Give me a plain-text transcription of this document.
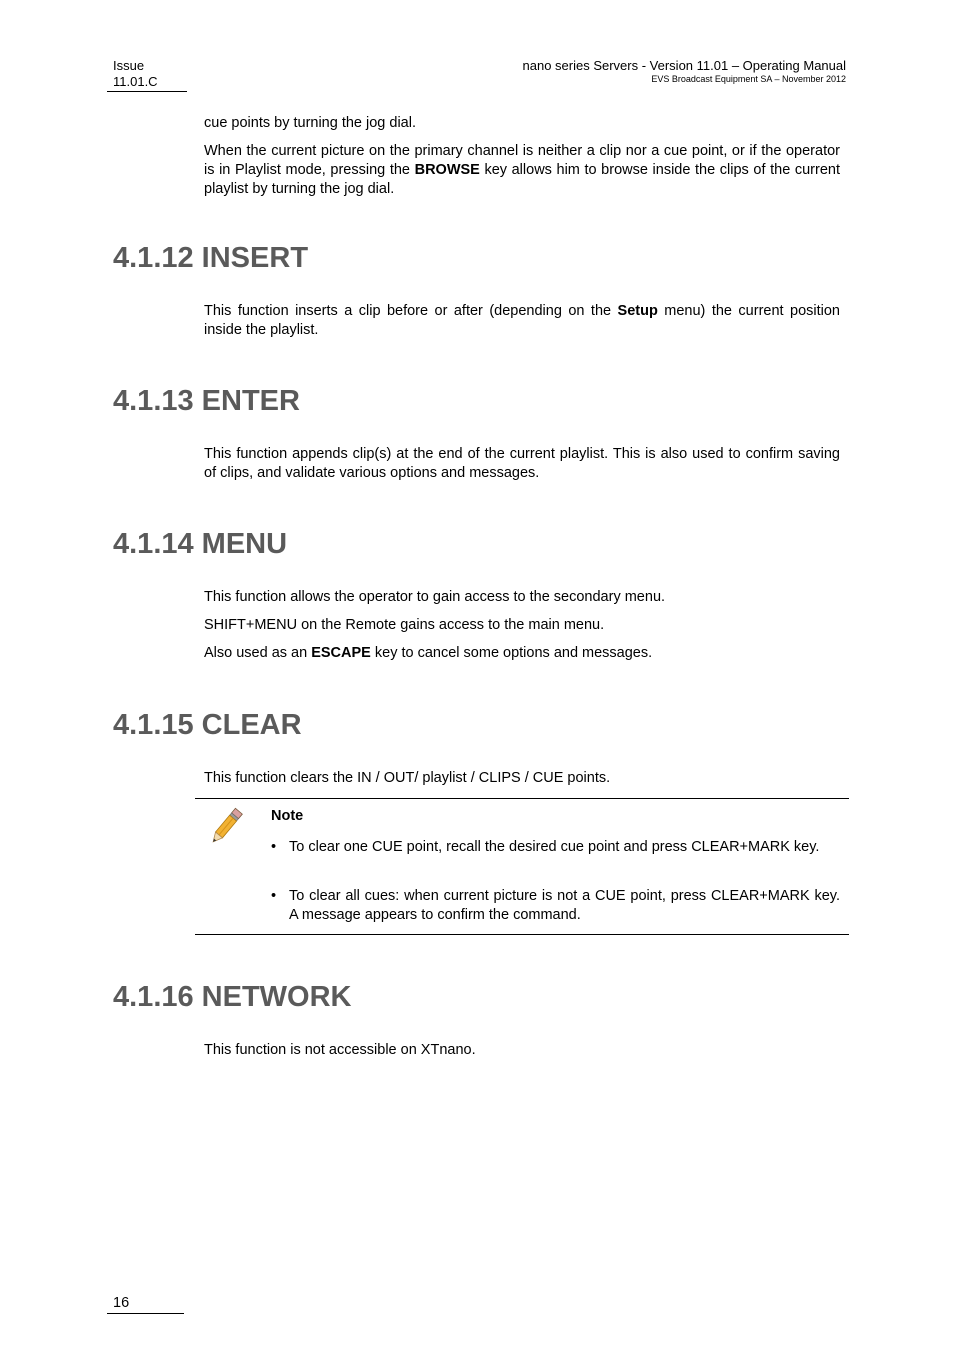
Issue
11.01.C
nano series Servers - Version 11.01 – Operating Manual
EVS Broadcast Equipment SA – November 2012

cue points by turning the jog dial.

When the current picture on the primary channel is neither a clip nor a cue point, or if the operator is in Playlist mode, pressing the BROWSE key allows him to browse inside the clips of the current playlist by turning the jog dial.

4.1.12 INSERT

This function inserts a clip before or after (depending on the Setup menu) the current position inside the playlist.

4.1.13 ENTER

This function appends clip(s) at the end of the current playlist. This is also used to confirm saving of clips, and validate various options and messages.

4.1.14 MENU

This function allows the operator to gain access to the secondary menu.

SHIFT+MENU on the Remote gains access to the main menu.

Also used as an ESCAPE key to cancel some options and messages.

4.1.15 CLEAR

This function clears the IN / OUT/ playlist / CLIPS / CUE points.

Note
• To clear one CUE point, recall the desired cue point and press CLEAR+MARK key.
• To clear all cues: when current picture is not a CUE point, press CLEAR+MARK key. A message appears to confirm the command.
4.1.16 NETWORK

This function is not accessible on XTnano.

16
